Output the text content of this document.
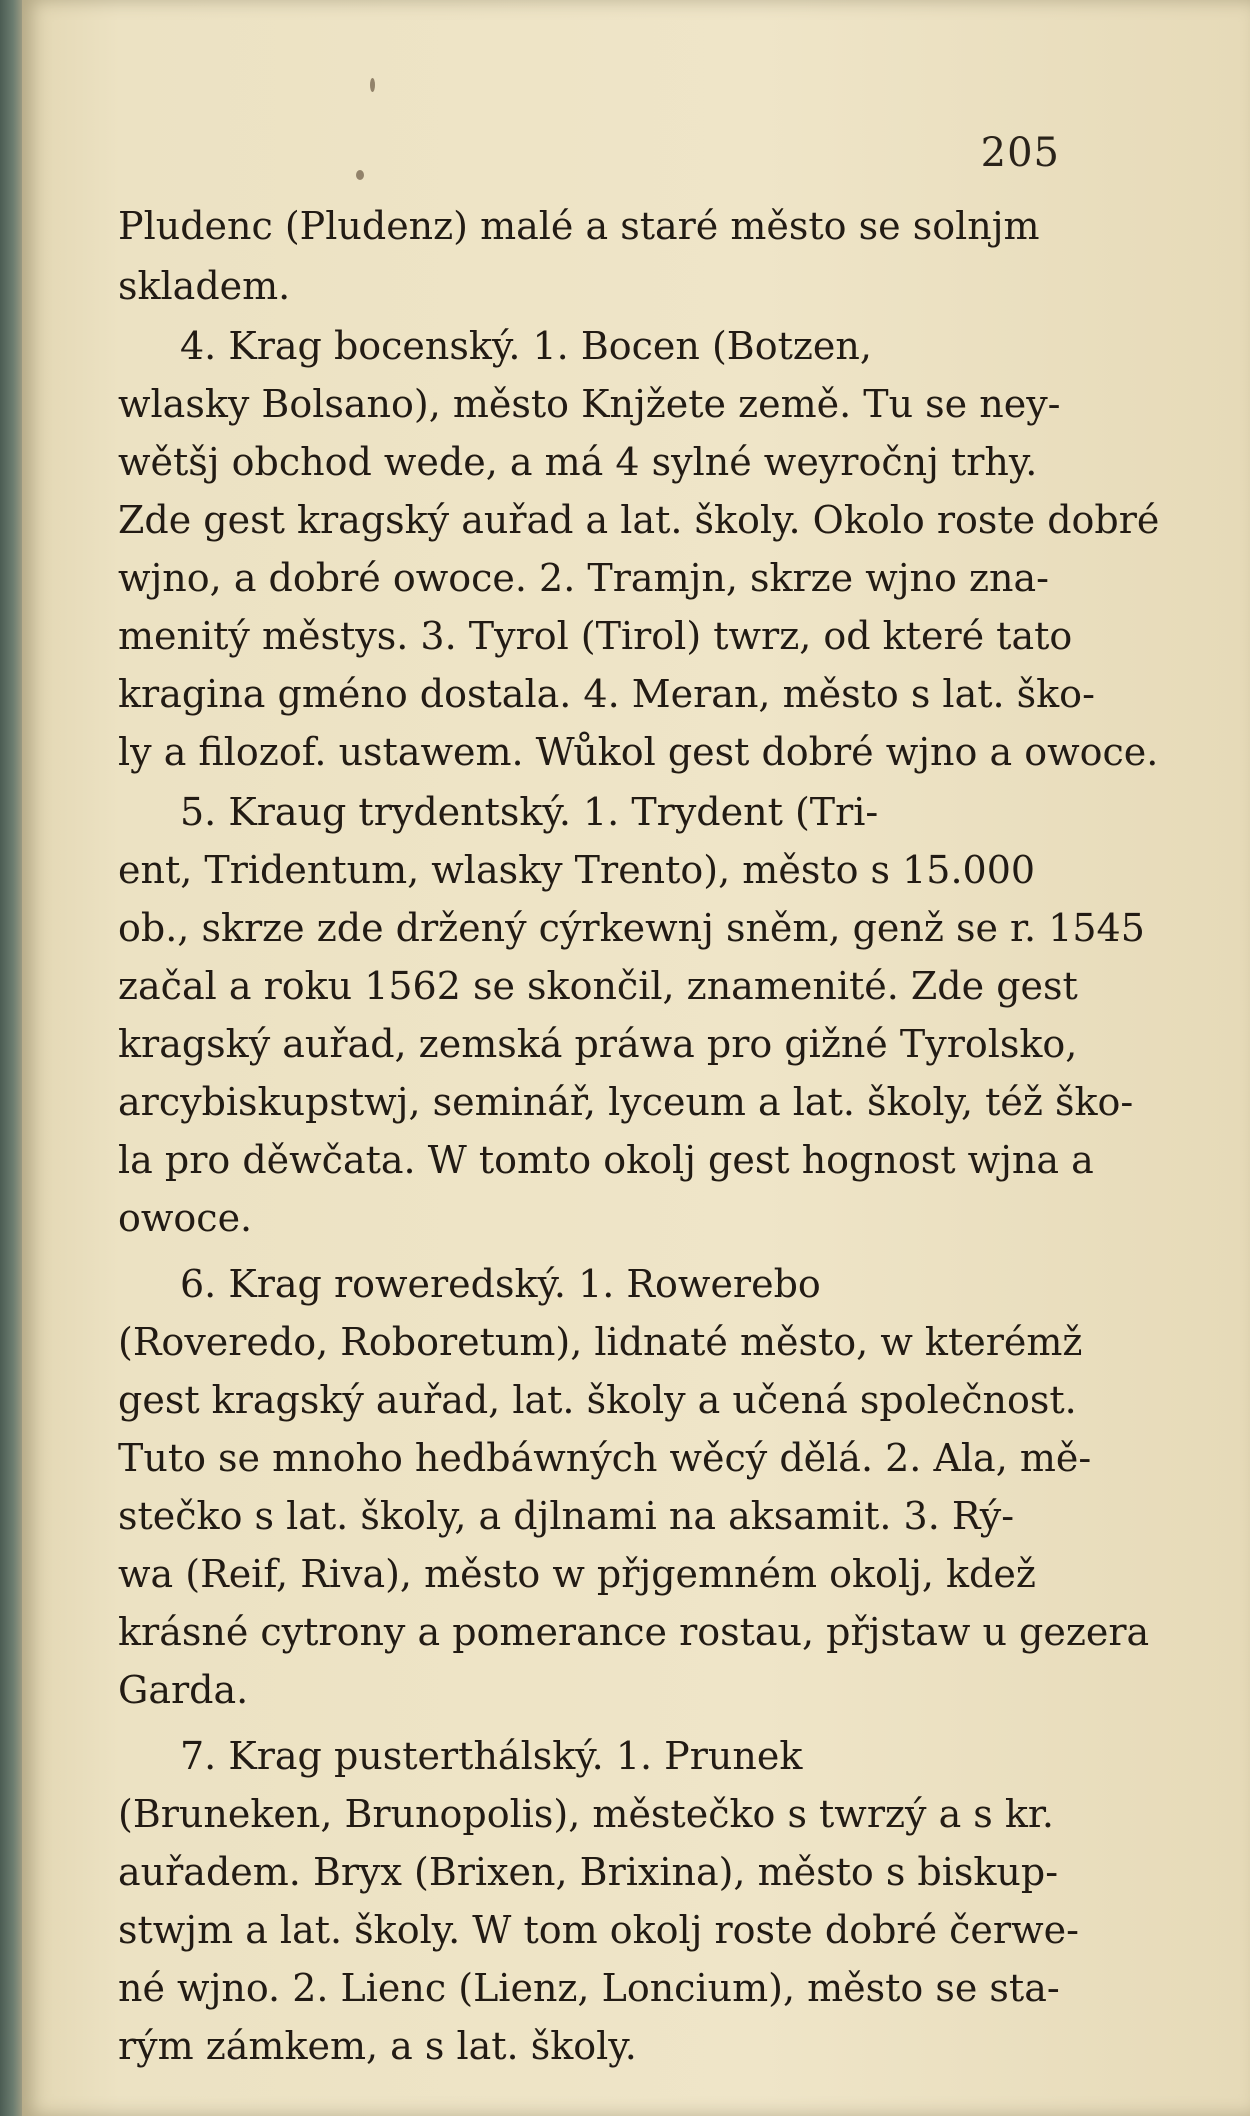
205
Pludenc (Pludenz) malé a staré město se solnjm
skladem.
4. Krag bocenský. 1. Bocen (Botzen,
wlasky Bolsano), město Knjžete země. Tu se ney-
wětšj obchod wede, a má 4 sylné weyročnj trhy.
Zde gest kragský auřad a lat. školy. Okolo roste dobré
wjno, a dobré owoce. 2. Tramjn, skrze wjno zna-
menitý městys. 3. Tyrol (Tirol) twrz, od které tato
kragina gméno dostala. 4. Meran, město s lat. ško-
ly a filozof. ustawem. Wůkol gest dobré wjno a owoce.
5. Kraug trydentský. 1. Trydent (Tri-
ent, Tridentum, wlasky Trento), město s 15.000
ob., skrze zde držený cýrkewnj sněm, genž se r. 1545
začal a roku 1562 se skončil, znamenité. Zde gest
kragský auřad, zemská práwa pro gižné Tyrolsko,
arcybiskupstwj, seminář, lyceum a lat. školy, též ško-
la pro děwčata. W tomto okolj gest hognost wjna a
owoce.
6. Krag roweredský. 1. Rowerebo
(Roveredo, Roboretum), lidnaté město, w kterémž
gest kragský auřad, lat. školy a učená společnost.
Tuto se mnoho hedbáwných wěcý dělá. 2. Ala, mě-
stečko s lat. školy, a djlnami na aksamit. 3. Rý-
wa (Reif, Riva), město w přjgemném okolj, kdež
krásné cytrony a pomerance rostau, přjstaw u gezera
Garda.
7. Krag pusterthálský. 1. Prunek
(Bruneken, Brunopolis), městečko s twrzý a s kr.
auřadem. Bryx (Brixen, Brixina), město s biskup-
stwjm a lat. školy. W tom okolj roste dobré čerwe-
né wjno. 2. Lienc (Lienz, Loncium), město se sta-
rým zámkem, a s lat. školy.
